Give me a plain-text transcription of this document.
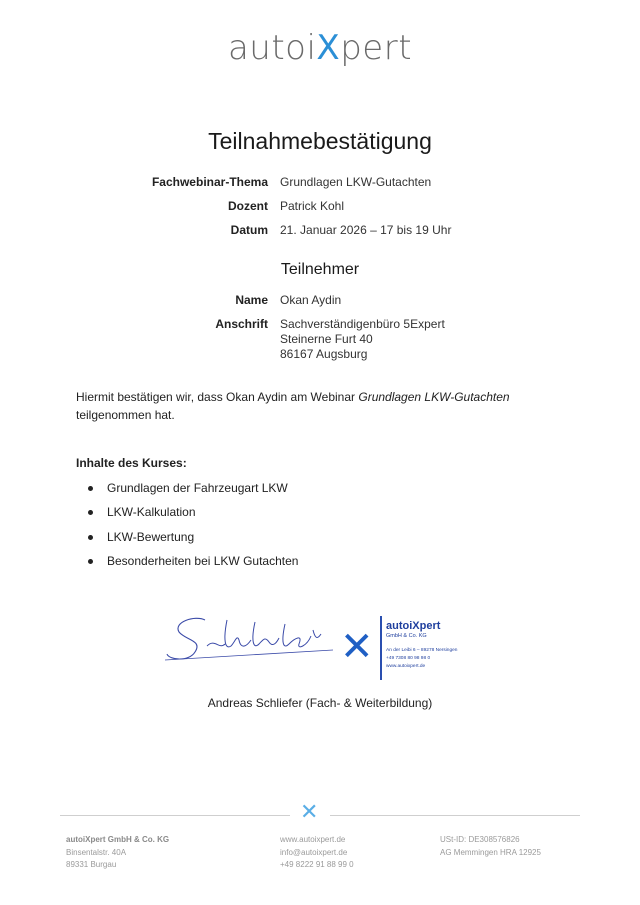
autoiXpert
Teilnahmebestätigung
Fachwebinar-Thema Grundlagen LKW-Gutachten
Dozent Patrick Kohl
Datum 21. Januar 2026 – 17 bis 19 Uhr
Teilnehmer
Name Okan Aydin
Anschrift Sachverständigenbüro 5Expert
Steinerne Furt 40
86167 Augsburg
Hiermit bestätigen wir, dass Okan Aydin am Webinar Grundlagen LKW-Gutachten teilgenommen hat.
Inhalte des Kurses:
Grundlagen der Fahrzeugart LKW
LKW-Kalkulation
LKW-Bewertung
Besonderheiten bei LKW Gutachten
✕ autoiXpert
GmbH & Co. KG
An der Leibi 6 – 89278 Nersingen
+49 7308 80 98 98 0
www.autoixpert.de
Andreas Schliefer (Fach- & Weiterbildung)
✕
autoiXpert GmbH & Co. KG
Binsentalstr. 40A
89331 Burgau
www.autoixpert.de
info@autoixpert.de
+49 8222 91 88 99 0
USt-ID: DE308576826
AG Memmingen HRA 12925
